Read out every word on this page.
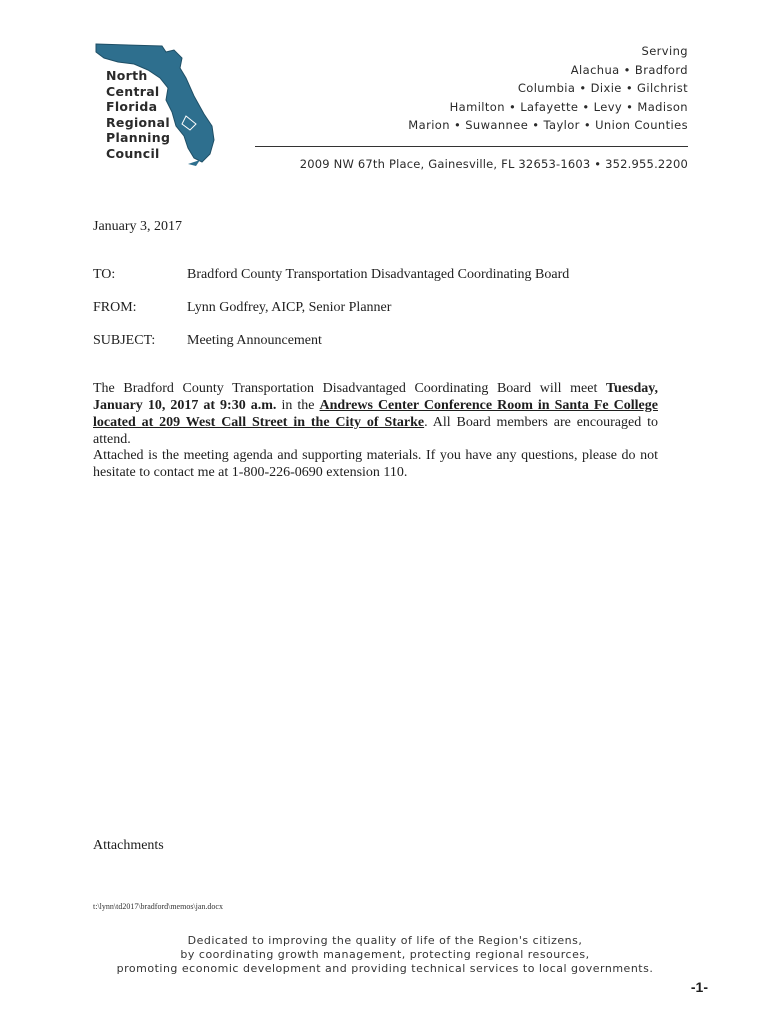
North
Central
Florida
Regional
Planning
Council
Serving
Alachua • Bradford
Columbia • Dixie • Gilchrist
Hamilton • Lafayette • Levy • Madison
Marion • Suwannee • Taylor • Union Counties
2009 NW 67th Place, Gainesville, FL 32653-1603 • 352.955.2200
January 3, 2017
TO:	Bradford County Transportation Disadvantaged Coordinating Board
FROM:	Lynn Godfrey, AICP, Senior Planner
SUBJECT:	Meeting Announcement
The Bradford County Transportation Disadvantaged Coordinating Board will meet Tuesday, January 10, 2017 at 9:30 a.m. in the Andrews Center Conference Room in Santa Fe College located at 209 West Call Street in the City of Starke. All Board members are encouraged to attend.
Attached is the meeting agenda and supporting materials. If you have any questions, please do not hesitate to contact me at 1-800-226-0690 extension 110.
Attachments
t:\lynn\td2017\bradford\memos\jan.docx
Dedicated to improving the quality of life of the Region's citizens,
by coordinating growth management, protecting regional resources,
promoting economic development and providing technical services to local governments.
-1-
